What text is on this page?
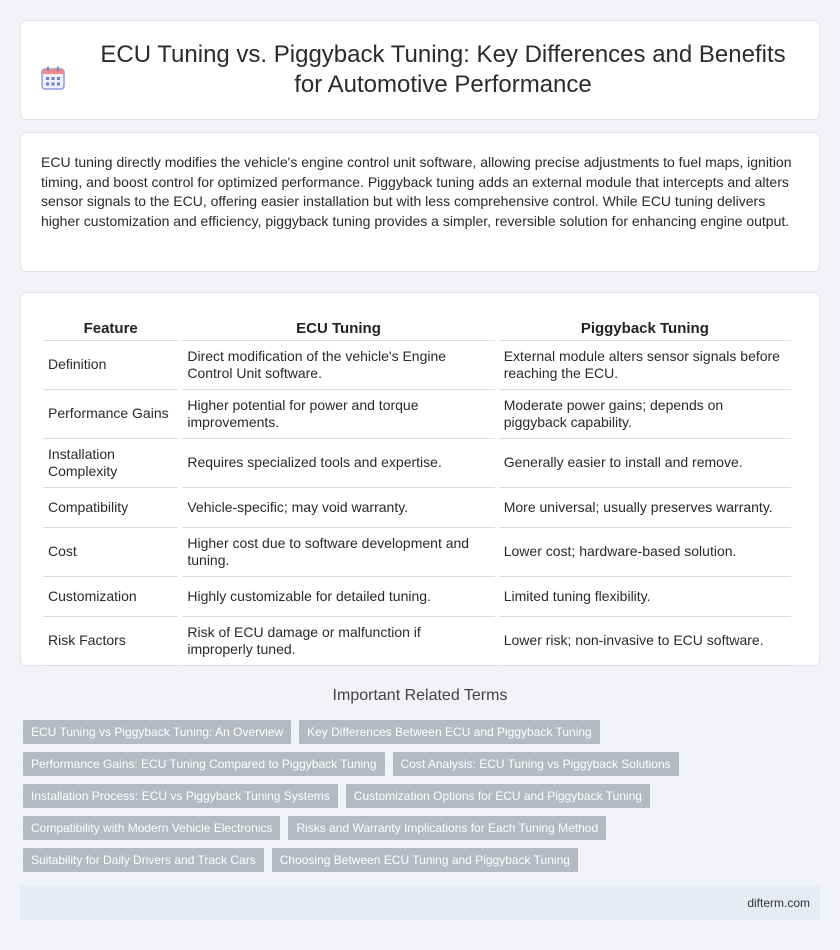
ECU Tuning vs. Piggyback Tuning: Key Differences and Benefits for Automotive Performance

ECU tuning directly modifies the vehicle's engine control unit software, allowing precise adjustments to fuel maps, ignition timing, and boost control for optimized performance. Piggyback tuning adds an external module that intercepts and alters sensor signals to the ECU, offering easier installation but with less comprehensive control. While ECU tuning delivers higher customization and efficiency, piggyback tuning provides a simpler, reversible solution for enhancing engine output.

Feature	ECU Tuning	Piggyback Tuning
Definition	Direct modification of the vehicle's Engine Control Unit software.	External module alters sensor signals before reaching the ECU.
Performance Gains	Higher potential for power and torque improvements.	Moderate power gains; depends on piggyback capability.
Installation Complexity	Requires specialized tools and expertise.	Generally easier to install and remove.
Compatibility	Vehicle-specific; may void warranty.	More universal; usually preserves warranty.
Cost	Higher cost due to software development and tuning.	Lower cost; hardware-based solution.
Customization	Highly customizable for detailed tuning.	Limited tuning flexibility.
Risk Factors	Risk of ECU damage or malfunction if improperly tuned.	Lower risk; non-invasive to ECU software.
Important Related Terms
ECU Tuning vs Piggyback Tuning: An Overview	Key Differences Between ECU and Piggyback Tuning
Performance Gains: ECU Tuning Compared to Piggyback Tuning	Cost Analysis: ECU Tuning vs Piggyback Solutions
Installation Process: ECU vs Piggyback Tuning Systems	Customization Options for ECU and Piggyback Tuning
Compatibility with Modern Vehicle Electronics	Risks and Warranty Implications for Each Tuning Method
Suitability for Daily Drivers and Track Cars	Choosing Between ECU Tuning and Piggyback Tuning
difterm.com
